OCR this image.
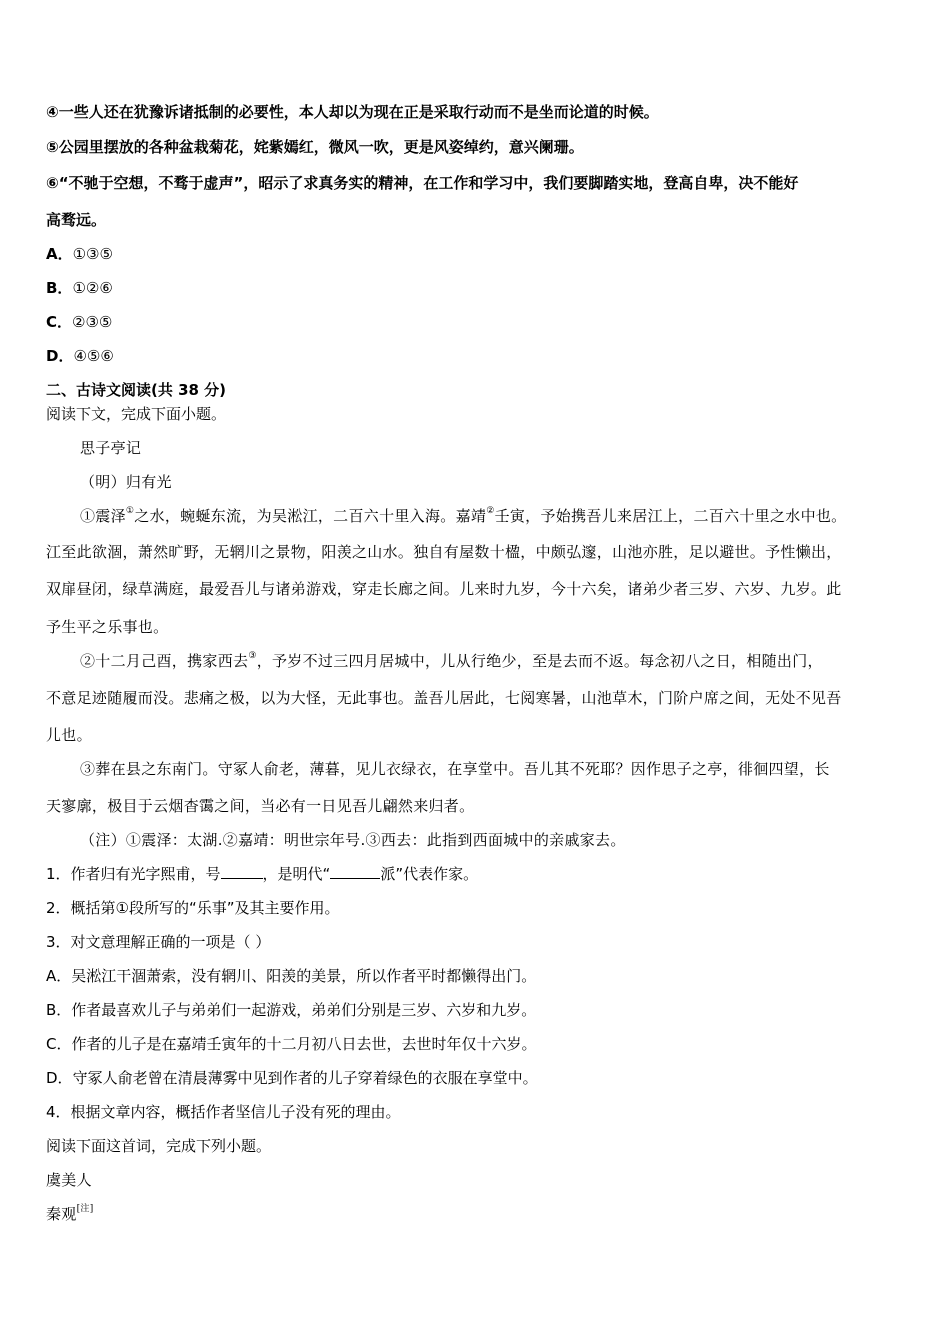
④一些人还在犹豫诉诸抵制的必要性，本人却以为现在正是采取行动而不是坐而论道的时候。
⑤公园里摆放的各种盆栽菊花，姹紫嫣红，微风一吹，更是风姿绰约，意兴阑珊。
⑥“不驰于空想，不骛于虚声”，昭示了求真务实的精神，在工作和学习中，我们要脚踏实地，登高自卑，决不能好
高骛远。
A．①③⑤
B．①②⑥
C．②③⑤
D．④⑤⑥
二、古诗文阅读(共 38 分)
阅读下文，完成下面小题。
思子亭记
（明）归有光
①震泽①之水，蜿蜒东流，为吴淞江，二百六十里入海。嘉靖②壬寅，予始携吾儿来居江上，二百六十里之水中也。
江至此欲涸，萧然旷野，无辋川之景物，阳羡之山水。独自有屋数十楹，中颇弘邃，山池亦胜，足以避世。予性懒出，
双扉昼闭，绿草满庭，最爱吾儿与诸弟游戏，穿走长廊之间。儿来时九岁，今十六矣，诸弟少者三岁、六岁、九岁。此
予生平之乐事也。
②十二月己酉，携家西去③，予岁不过三四月居城中，儿从行绝少，至是去而不返。每念初八之日，相随出门，
不意足迹随履而没。悲痛之极，以为大怪，无此事也。盖吾儿居此，七阅寒暑，山池草木，门阶户席之间，无处不见吾
儿也。
③葬在县之东南门。守冢人俞老，薄暮，见儿衣绿衣，在享堂中。吾儿其不死耶？因作思子之亭，徘徊四望，长
天寥廓，极目于云烟杳霭之间，当必有一日见吾儿翩然来归者。
（注）①震泽：太湖.②嘉靖：明世宗年号.③西去：此指到西面城中的亲戚家去。
1．作者归有光字熙甫，号	，是明代“	派”代表作家。
2．概括第①段所写的“乐事”及其主要作用。
3．对文意理解正确的一项是（ ）
A．吴淞江干涸萧索，没有辋川、阳羡的美景，所以作者平时都懒得出门。
B．作者最喜欢儿子与弟弟们一起游戏，弟弟们分别是三岁、六岁和九岁。
C．作者的儿子是在嘉靖壬寅年的十二月初八日去世，去世时年仅十六岁。
D．守冢人俞老曾在清晨薄雾中见到作者的儿子穿着绿色的衣服在享堂中。
4．根据文章内容，概括作者坚信儿子没有死的理由。
阅读下面这首词，完成下列小题。
虞美人
秦观[注]
